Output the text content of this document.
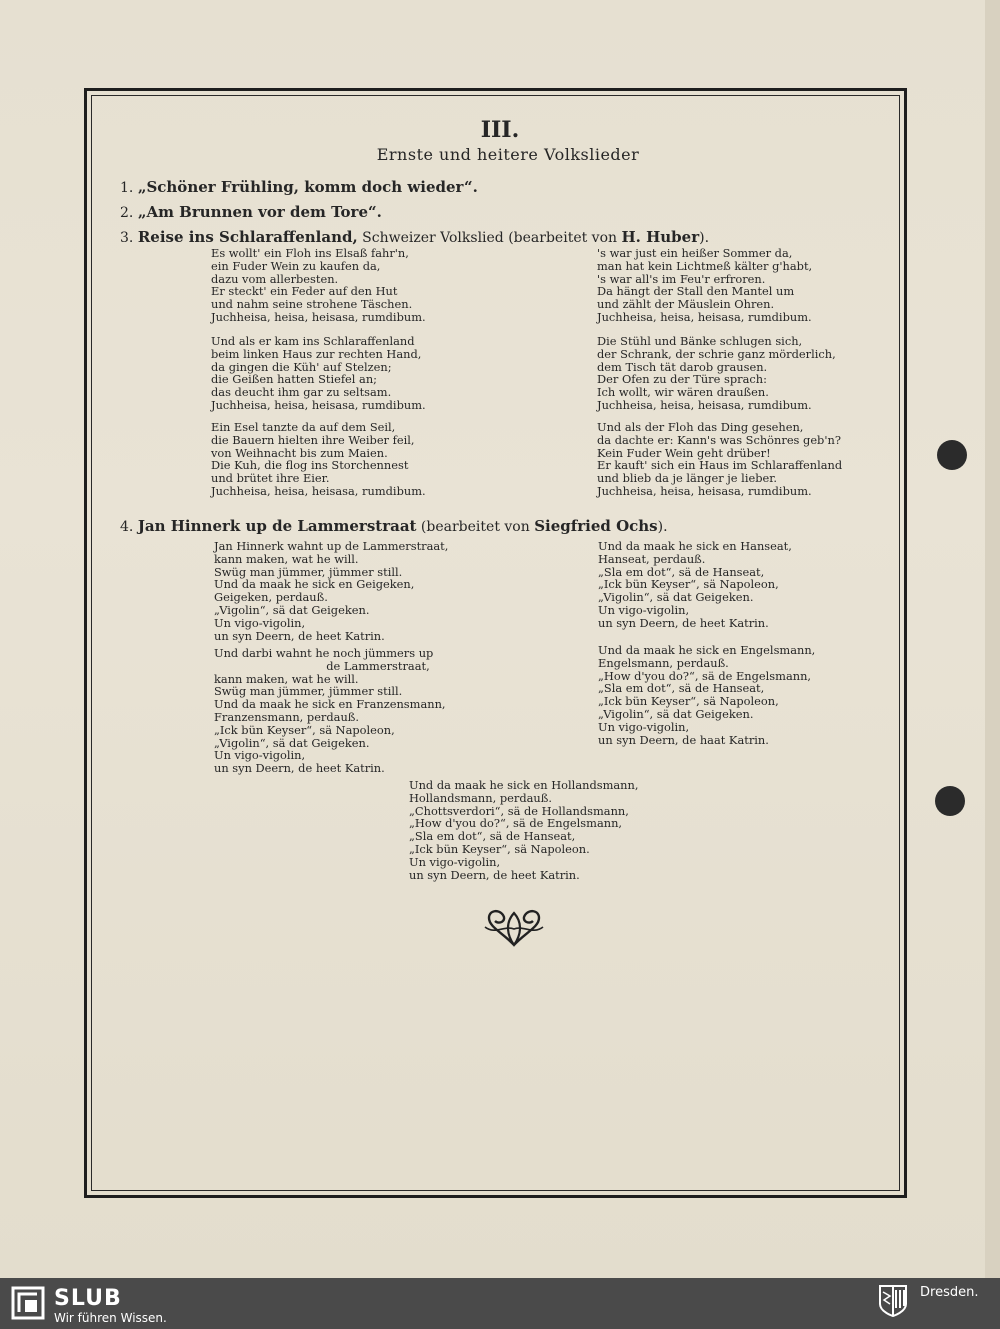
III.
Ernste und heitere Volkslieder
1. „Schöner Frühling, komm doch wieder“.
2. „Am Brunnen vor dem Tore“.
3. Reise ins Schlaraffenland, Schweizer Volkslied (bearbeitet von H. Huber).
Es wollt' ein Floh ins Elsaß fahr'n,
ein Fuder Wein zu kaufen da,
dazu vom allerbesten.
Er steckt' ein Feder auf den Hut
und nahm seine strohene Täschen.
Juchheisa, heisa, heisasa, rumdibum.
Und als er kam ins Schlaraffenland
beim linken Haus zur rechten Hand,
da gingen die Küh' auf Stelzen;
die Geißen hatten Stiefel an;
das deucht ihm gar zu seltsam.
Juchheisa, heisa, heisasa, rumdibum.
Ein Esel tanzte da auf dem Seil,
die Bauern hielten ihre Weiber feil,
von Weihnacht bis zum Maien.
Die Kuh, die flog ins Storchennest
und brütet ihre Eier.
Juchheisa, heisa, heisasa, rumdibum.
's war just ein heißer Sommer da,
man hat kein Lichtmeß kälter g'habt,
's war all's im Feu'r erfroren.
Da hängt der Stall den Mantel um
und zählt der Mäuslein Ohren.
Juchheisa, heisa, heisasa, rumdibum.
Die Stühl und Bänke schlugen sich,
der Schrank, der schrie ganz mörderlich,
dem Tisch tät darob grausen.
Der Ofen zu der Türe sprach:
Ich wollt, wir wären draußen.
Juchheisa, heisa, heisasa, rumdibum.
Und als der Floh das Ding gesehen,
da dachte er: Kann's was Schönres geb'n?
Kein Fuder Wein geht drüber!
Er kauft' sich ein Haus im Schlaraffenland
und blieb da je länger je lieber.
Juchheisa, heisa, heisasa, rumdibum.
4. Jan Hinnerk up de Lammerstraat (bearbeitet von Siegfried Ochs).
Jan Hinnerk wahnt up de Lammerstraat,
kann maken, wat he will.
Swüg man jümmer, jümmer still.
Und da maak he sick en Geigeken,
Geigeken, perdauß.
„Vigolin“, sä dat Geigeken.
Un vigo-vigolin,
un syn Deern, de heet Katrin.
Und darbi wahnt he noch jümmers up
de Lammerstraat,
kann maken, wat he will.
Swüg man jümmer, jümmer still.
Und da maak he sick en Franzensmann,
Franzensmann, perdauß.
„Ick bün Keyser“, sä Napoleon,
„Vigolin“, sä dat Geigeken.
Un vigo-vigolin,
un syn Deern, de heet Katrin.
Und da maak he sick en Hanseat,
Hanseat, perdauß.
„Sla em dot“, sä de Hanseat,
„Ick bün Keyser“, sä Napoleon,
„Vigolin“, sä dat Geigeken.
Un vigo-vigolin,
un syn Deern, de heet Katrin.
Und da maak he sick en Engelsmann,
Engelsmann, perdauß.
„How d'you do?“, sä de Engelsmann,
„Sla em dot“, sä de Hanseat,
„Ick bün Keyser“, sä Napoleon,
„Vigolin“, sä dat Geigeken.
Un vigo-vigolin,
un syn Deern, de haat Katrin.
Und da maak he sick en Hollandsmann,
Hollandsmann, perdauß.
„Chottsverdori“, sä de Hollandsmann,
„How d'you do?“, sä de Engelsmann,
„Sla em dot“, sä de Hanseat,
„Ick bün Keyser“, sä Napoleon.
Un vigo-vigolin,
un syn Deern, de heet Katrin.
SLUB
Wir führen Wissen.
Dresden.
